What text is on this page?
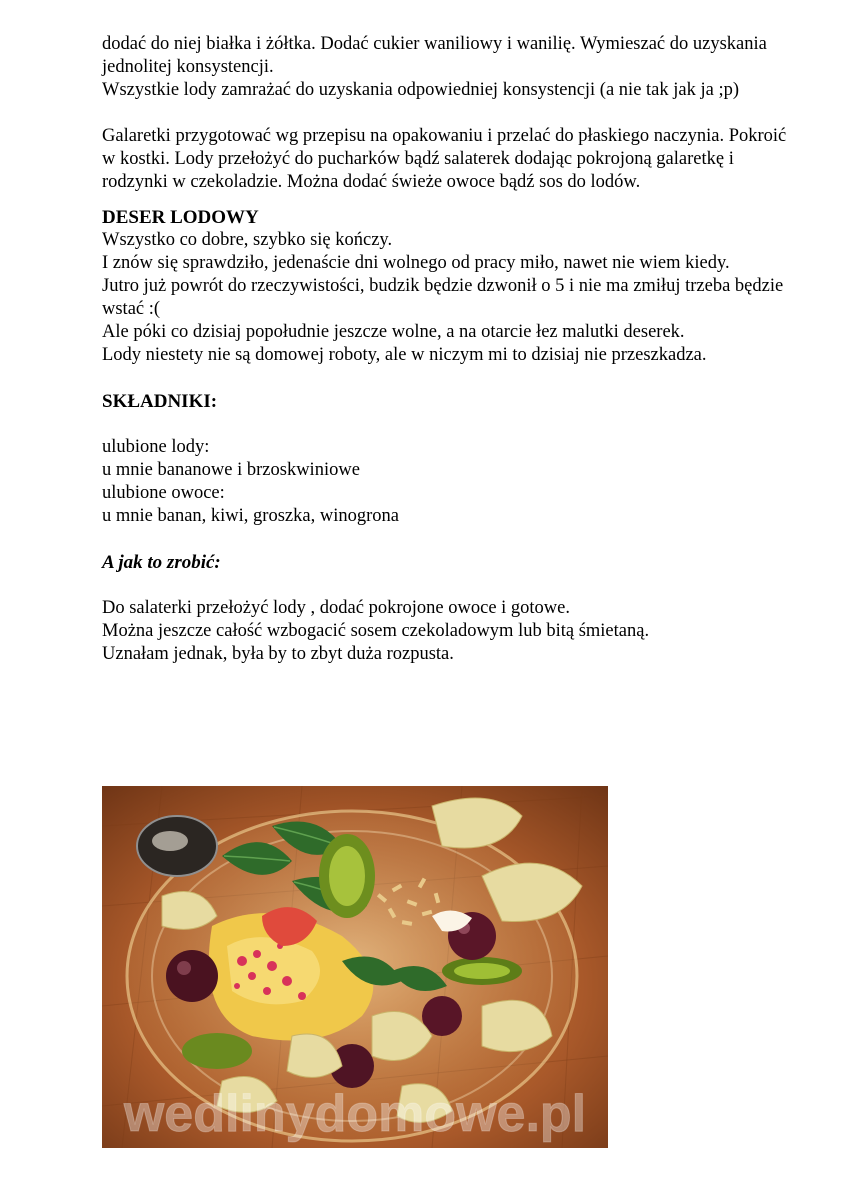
dodać do niej białka i żółtka. Dodać cukier waniliowy i wanilię. Wymieszać do uzyskania jednolitej konsystencji.

Wszystkie lody zamrażać do uzyskania odpowiedniej konsystencji (a nie tak jak ja ;p)

Galaretki przygotować wg przepisu na opakowaniu i przelać do płaskiego naczynia. Pokroić w kostki. Lody przełożyć do pucharków bądź salaterek dodając pokrojoną galaretkę i rodzynki w czekoladzie. Można dodać świeże owoce bądź sos do lodów.

DESER LODOWY

Wszystko co dobre, szybko się kończy.

I znów się sprawdziło, jedenaście dni wolnego od pracy miło, nawet nie wiem kiedy.

Jutro już powrót do rzeczywistości, budzik będzie dzwonił o 5 i nie ma zmiłuj trzeba będzie wstać :(

Ale póki co dzisiaj popołudnie jeszcze wolne, a na otarcie łez malutki deserek.

Lody niestety nie są domowej roboty, ale w niczym mi to dzisiaj nie przeszkadza.

SKŁADNIKI:

ulubione lody:

u mnie bananowe i brzoskwiniowe

ulubione owoce:

u mnie banan, kiwi, groszka, winogrona

A jak to zrobić:

Do salaterki przełożyć lody , dodać pokrojone owoce i gotowe.

Można jeszcze całość wzbogacić sosem czekoladowym lub bitą śmietaną.

Uznałam jednak, była by to zbyt duża rozpusta.

wedlinydomowe.pl
